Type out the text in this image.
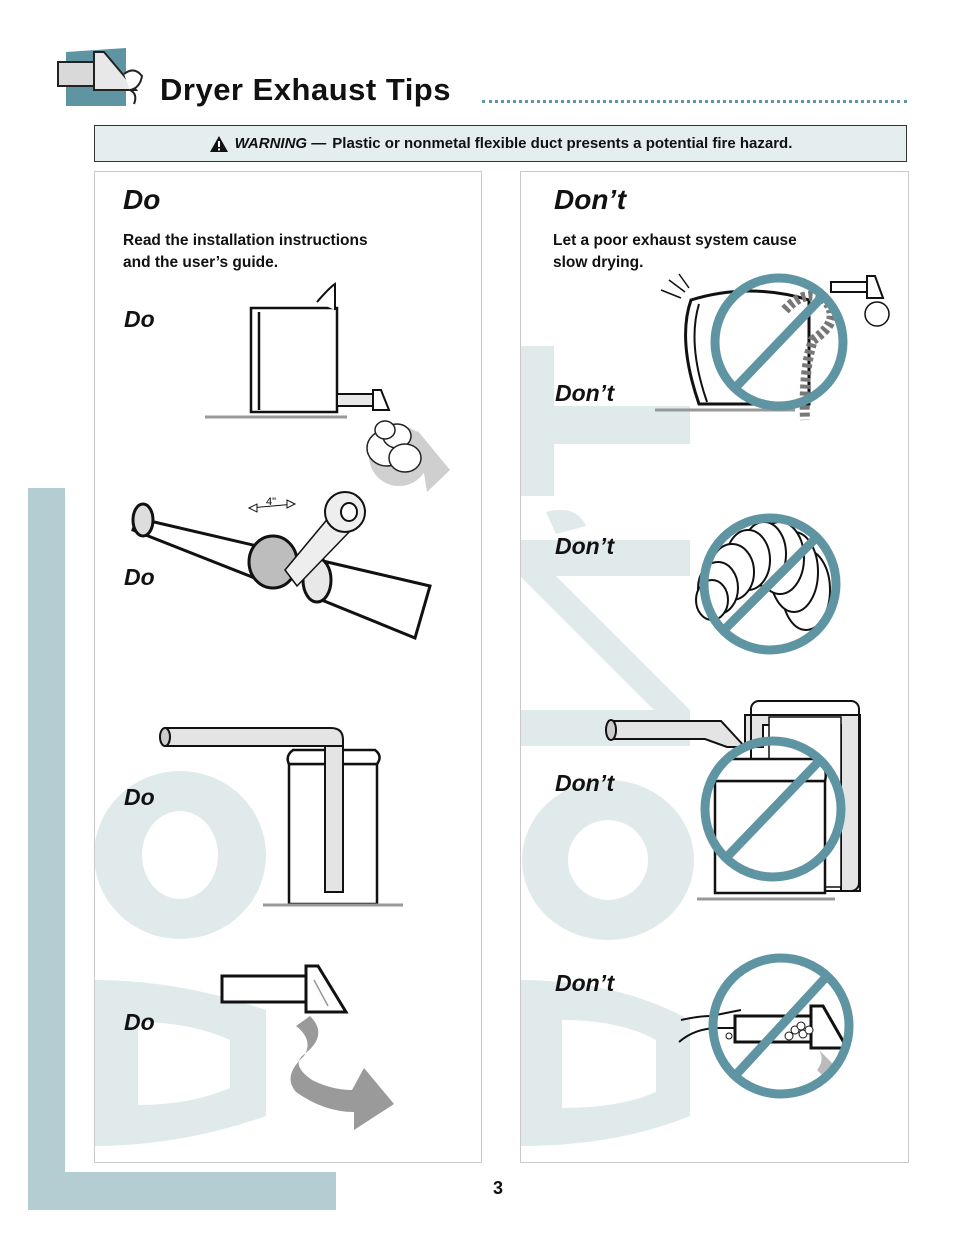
Dryer Exhaust Tips
WARNING — Plastic or nonmetal flexible duct presents a potential fire hazard.
Do
Read the installation instructions
and the user’s guide.
Do
Do
Do
Do
Don’t
Let a poor exhaust system cause
slow drying.
Don’t
Don’t
Don’t
Don’t
4"
3
